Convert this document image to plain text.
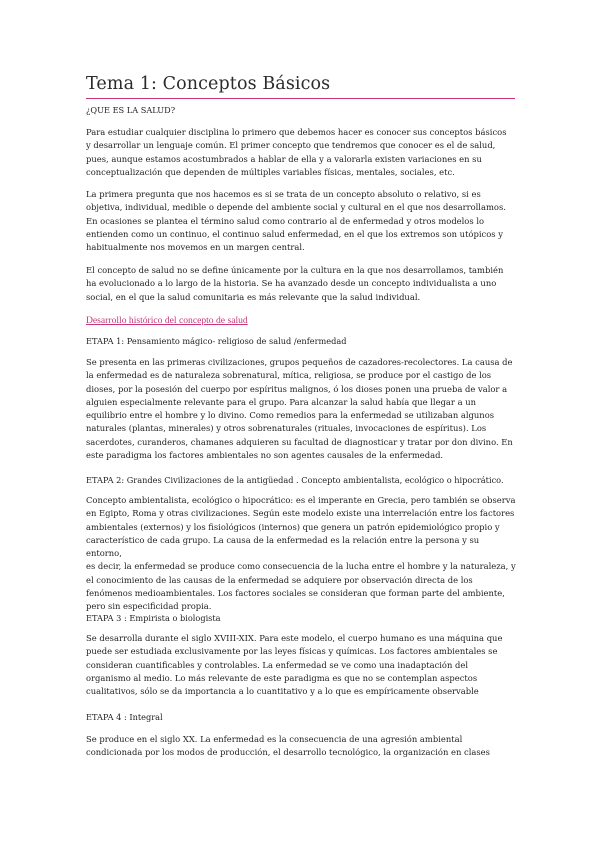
Tema 1: Conceptos Básicos
¿QUE ES LA SALUD?

Para estudiar cualquier disciplina lo primero que debemos hacer es conocer sus conceptos básicos
y desarrollar un lenguaje común. El primer concepto que tendremos que conocer es el de salud,
pues, aunque estamos acostumbrados a hablar de ella y a valorarla existen variaciones en su
conceptualización que dependen de múltiples variables físicas, mentales, sociales, etc.

La primera pregunta que nos hacemos es si se trata de un concepto absoluto o relativo, si es
objetiva, individual, medible o depende del ambiente social y cultural en el que nos desarrollamos.
En ocasiones se plantea el término salud como contrario al de enfermedad y otros modelos lo
entienden como un continuo, el continuo salud enfermedad, en el que los extremos son utópicos y
habitualmente nos movemos en un margen central.

El concepto de salud no se define únicamente por la cultura en la que nos desarrollamos, también
ha evolucionado a lo largo de la historia. Se ha avanzado desde un concepto individualista a uno
social, en el que la salud comunitaria es más relevante que la salud individual.

Desarrollo histórico del concepto de salud
ETAPA 1: Pensamiento mágico- religioso de salud /enfermedad

Se presenta en las primeras civilizaciones, grupos pequeños de cazadores-recolectores. La causa de
la enfermedad es de naturaleza sobrenatural, mítica, religiosa, se produce por el castigo de los
dioses, por la posesión del cuerpo por espíritus malignos, ó los dioses ponen una prueba de valor a
alguien especialmente relevante para el grupo. Para alcanzar la salud había que llegar a un
equilibrio entre el hombre y lo divino. Como remedios para la enfermedad se utilizaban algunos
naturales (plantas, minerales) y otros sobrenaturales (rituales, invocaciones de espíritus). Los
sacerdotes, curanderos, chamanes adquieren su facultad de diagnosticar y tratar por don divino. En
este paradigma los factores ambientales no son agentes causales de la enfermedad.

ETAPA 2: Grandes Civilizaciones de la antigüedad . Concepto ambientalista, ecológico o hipocrático.

Concepto ambientalista, ecológico o hipocrático: es el imperante en Grecia, pero también se observa
en Egipto, Roma y otras civilizaciones. Según este modelo existe una interrelación entre los factores
ambientales (externos) y los fisiológicos (internos) que genera un patrón epidemiológico propio y
característico de cada grupo. La causa de la enfermedad es la relación entre la persona y su entorno,
es decir, la enfermedad se produce como consecuencia de la lucha entre el hombre y la naturaleza, y
el conocimiento de las causas de la enfermedad se adquiere por observación directa de los
fenómenos medioambientales. Los factores sociales se consideran que forman parte del ambiente,
pero sin especificidad propia.

ETAPA 3 : Empirista o biologista

Se desarrolla durante el siglo XVIII-XIX. Para este modelo, el cuerpo humano es una máquina que
puede ser estudiada exclusivamente por las leyes físicas y químicas. Los factores ambientales se
consideran cuantificables y controlables. La enfermedad se ve como una inadaptación del
organismo al medio. Lo más relevante de este paradigma es que no se contemplan aspectos
cualitativos, sólo se da importancia a lo cuantitativo y a lo que es empíricamente observable

ETAPA 4 : Integral

Se produce en el siglo XX. La enfermedad es la consecuencia de una agresión ambiental
condicionada por los modos de producción, el desarrollo tecnológico, la organización en clases
